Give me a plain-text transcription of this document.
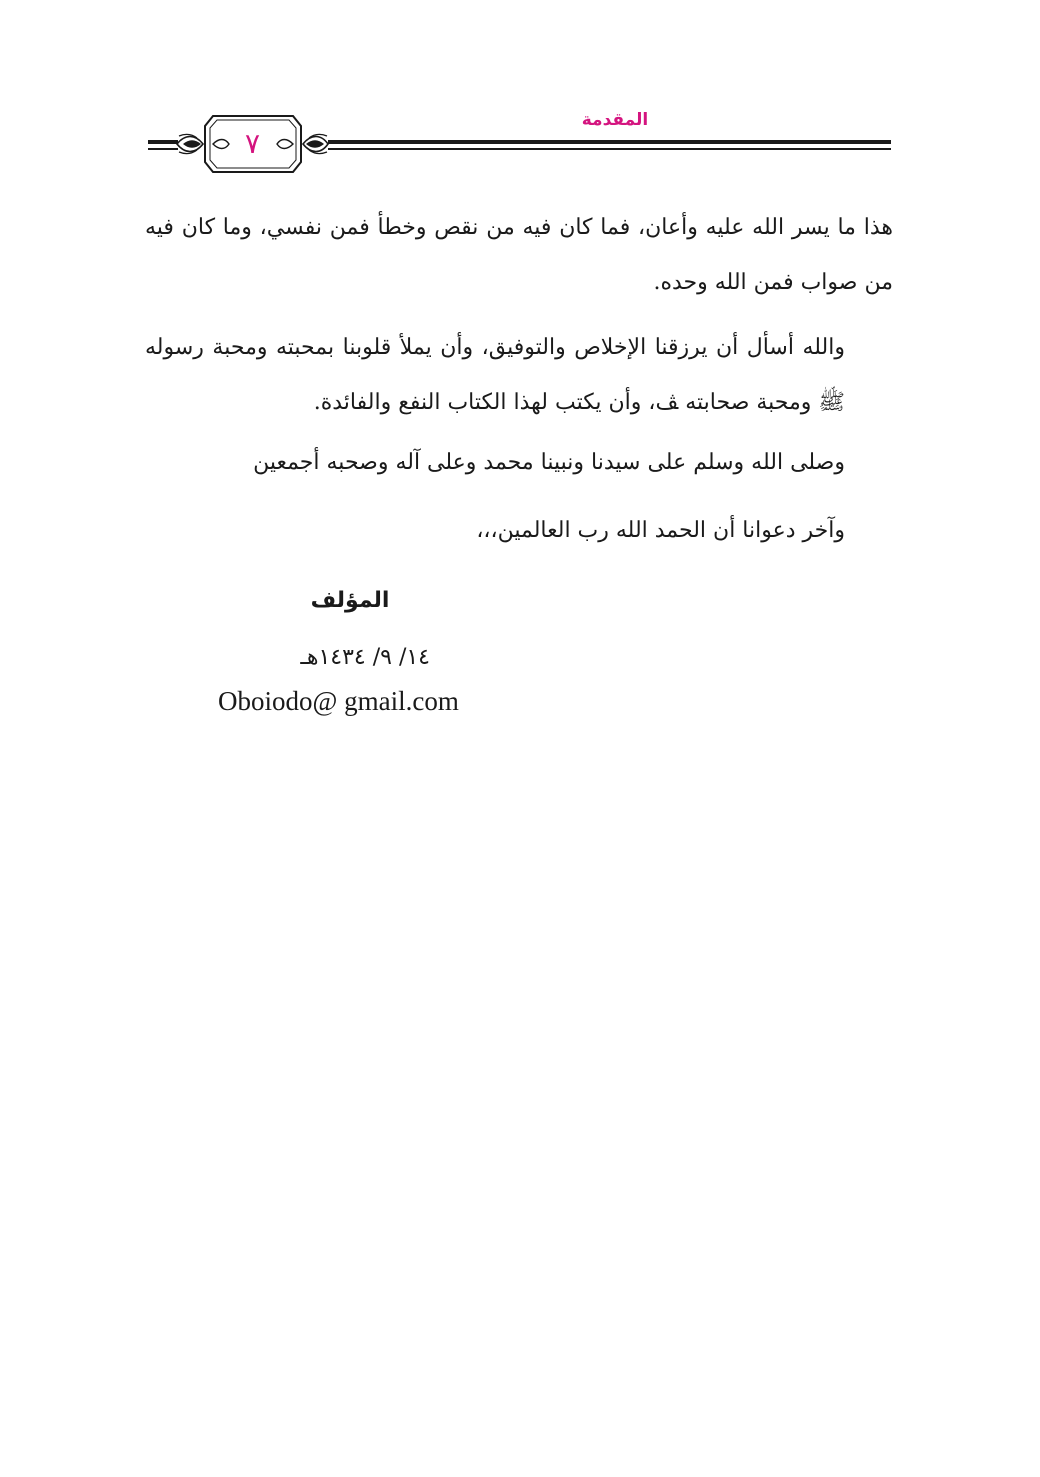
المقدمة
٧

هذا ما يسر الله عليه وأعان، فما كان فيه من نقص وخطأ فمن نفسي، وما كان فيه من صواب فمن الله وحده.

والله أسأل أن يرزقنا الإخلاص والتوفيق، وأن يملأ قلوبنا بمحبته ومحبة رسوله ﷺ ومحبة صحابته ﭫ، وأن يكتب لهذا الكتاب النفع والفائدة.

وصلى الله وسلم على سيدنا ونبينا محمد وعلى آله وصحبه أجمعين
وآخر دعوانا أن الحمد الله رب العالمين،،،
المؤلف
١٤/ ٩/ ١٤٣٤هـ
Oboiodo@ gmail.com
